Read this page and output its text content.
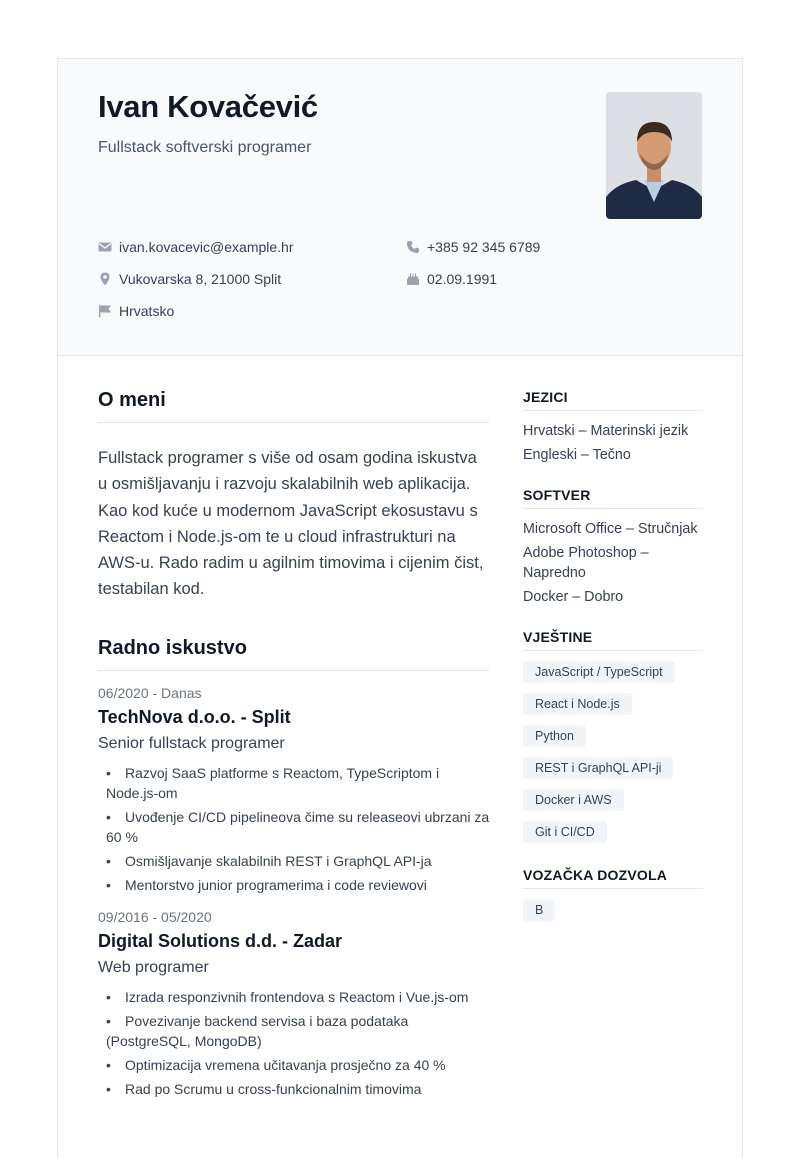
Ivan Kovačević
Fullstack softverski programer
ivan.kovacevic@example.hr	+385 92 345 6789
Vukovarska 8, 21000 Split	02.09.1991
Hrvatsko
O meni

Fullstack programer s više od osam godina iskustva u osmišljavanju i razvoju skalabilnih web aplikacija. Kao kod kuće u modernom JavaScript ekosustavu s Reactom i Node.js-om te u cloud infrastrukturi na AWS-u. Rado radim u agilnim timovima i cijenim čist, testabilan kod.

Radno iskustvo
06/2020 - Danas
TechNova d.o.o. - Split
Senior fullstack programer
• Razvoj SaaS platforme s Reactom, TypeScriptom i Node.js-om
• Uvođenje CI/CD pipelineova čime su releaseovi ubrzani za 60 %
• Osmišljavanje skalabilnih REST i GraphQL API-ja
• Mentorstvo junior programerima i code reviewovi
09/2016 - 05/2020
Digital Solutions d.d. - Zadar
Web programer
• Izrada responzivnih frontendova s Reactom i Vue.js-om
• Povezivanje backend servisa i baza podataka (PostgreSQL, MongoDB)
• Optimizacija vremena učitavanja prosječno za 40 %
• Rad po Scrumu u cross-funkcionalnim timovima
JEZICI
Hrvatski – Materinski jezik
Engleski – Tečno
SOFTVER
Microsoft Office – Stručnjak
Adobe Photoshop – Napredno
Docker – Dobro
VJEŠTINE
JavaScript / TypeScript
React i Node.js
Python
REST i GraphQL API-ji
Docker i AWS
Git i CI/CD
VOZAČKA DOZVOLA
B
